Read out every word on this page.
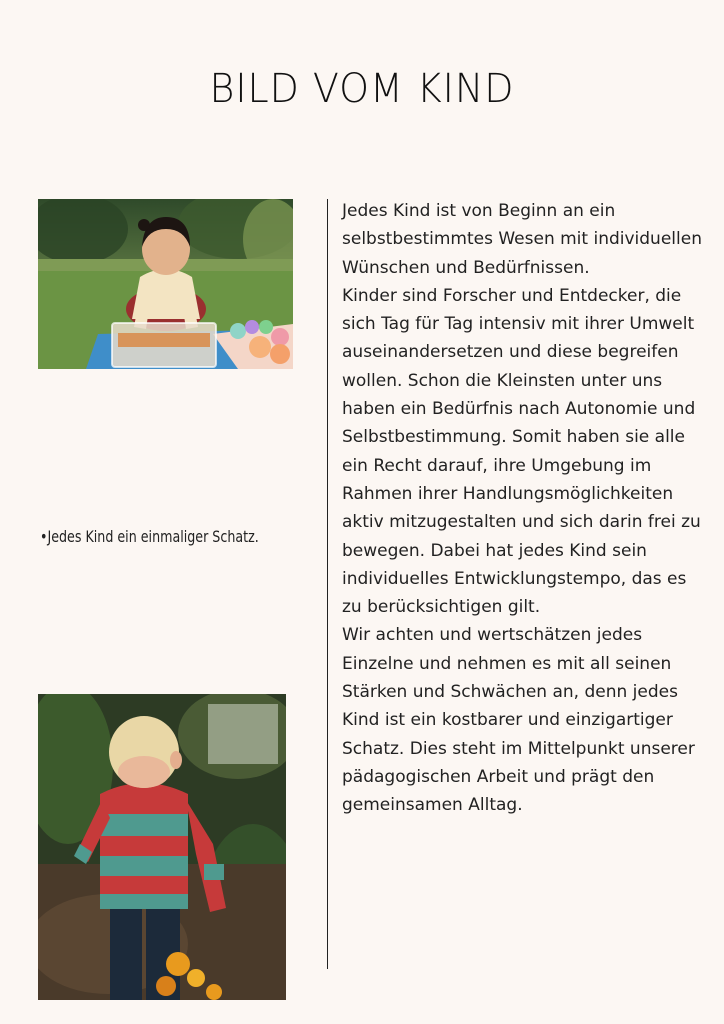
BILD VOM KIND
•Jedes Kind ein einmaliger Schatz.

Jedes Kind ist von Beginn an ein selbstbestimmtes Wesen mit individuellen Wünschen und Bedürfnissen.

Kinder sind Forscher und Entdecker, die sich Tag für Tag intensiv mit ihrer Umwelt auseinandersetzen und diese begreifen wollen. Schon die Kleinsten unter uns haben ein Bedürfnis nach Autonomie und Selbstbestimmung. Somit haben sie alle ein Recht darauf, ihre Umgebung im Rahmen ihrer Handlungsmöglichkeiten aktiv mitzugestalten und sich darin frei zu bewegen. Dabei hat jedes Kind sein individuelles Entwicklungstempo, das es zu berücksichtigen gilt.

Wir achten und wertschätzen jedes Einzelne und nehmen es mit all seinen Stärken und Schwächen an, denn jedes Kind ist ein kostbarer und einzigartiger Schatz. Dies steht im Mittelpunkt unserer pädagogischen Arbeit und prägt den gemeinsamen Alltag.
